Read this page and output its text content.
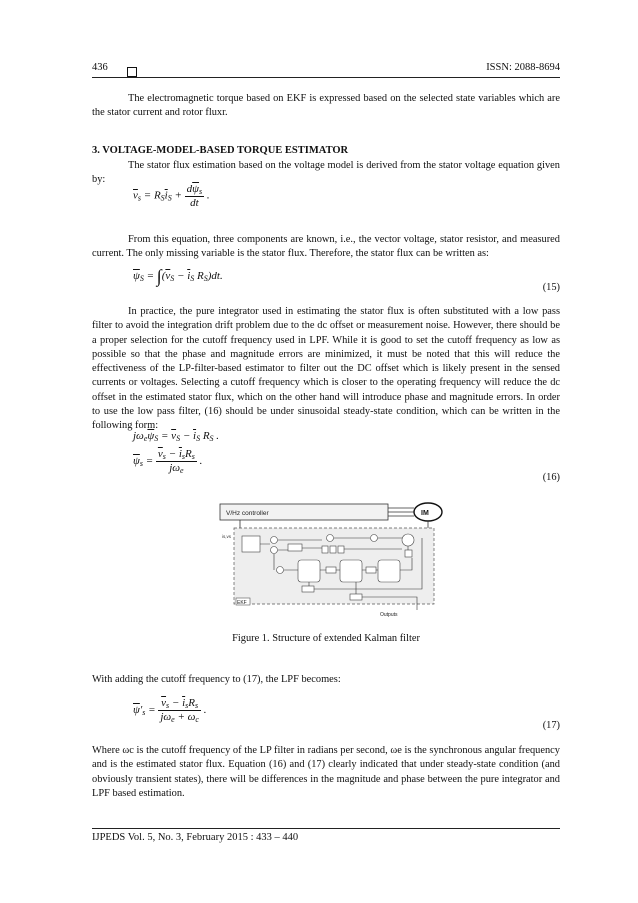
436	ISSN: 2088-8694

The electromagnetic torque based on EKF is expressed based on the selected state variables which are the stator current and rotor fluxr.

3. VOLTAGE-MODEL-BASED TORQUE ESTIMATOR

The stator flux estimation based on the voltage model is derived from the stator voltage equation given by:

$\overline{v}_s = R_S\overline{i}_S + \frac{d\overline{\psi}_s}{dt}$ .

From this equation, three components are known, i.e., the vector voltage, stator resistor, and measured current. The only missing variable is the stator flux. Therefore, the stator flux can be written as:

$\overline{\psi}_S = \int(\overline{v}_S - \overline{i}_S$ $R_S)dt$.
(15)

In practice, the pure integrator used in estimating the stator flux is often substituted with a low pass filter to avoid the integration drift problem due to the dc offset or measurement noise. However, there should be a proper selection for the cutoff frequency used in LPF. While it is good to set the cutoff frequency as low as possible so that the phase and magnitude errors are minimized, it must be noted that this will reduce the effectiveness of the LP-filter-based estimator to filter out the DC offset which is likely present in the sensed currents or voltages. Selecting a cutoff frequency which is closer to the operating frequency will reduce the dc offset in the estimated stator flux, which on the other hand will introduce phase and magnitude errors. In order to use the low pass filter, (16) should be under sinusoidal steady-state condition, which can be written in the following form:

$j\omega_e\overline{\psi}_S = \overline{v}_S - \overline{i}_S$ $R_S$ .
$\overline{\psi}_s = \frac{\overline{v}_s - \overline{i}_sR_s}{j\omega_e}$ .
(16)
V/Hz controller	IM
EKF
is,vs
Outputs
Figure 1. Structure of extended Kalman filter

With adding the cutoff frequency to (17), the LPF becomes:

$\overline{\psi}'_s = \frac{\overline{v}_s - \overline{i}_sR_s}{j\omega_e + \omega_c}$ .
(17)

Where ωc is the cutoff frequency of the LP filter in radians per second, ωe is the synchronous angular frequency and is the estimated stator flux. Equation (16) and (17) clearly indicated that under steady-state condition (and obviously transient states), there will be differences in the magnitude and phase between the pure integrator and LPF based estimation.

IJPEDS Vol. 5, No. 3, February 2015 : 433 – 440
